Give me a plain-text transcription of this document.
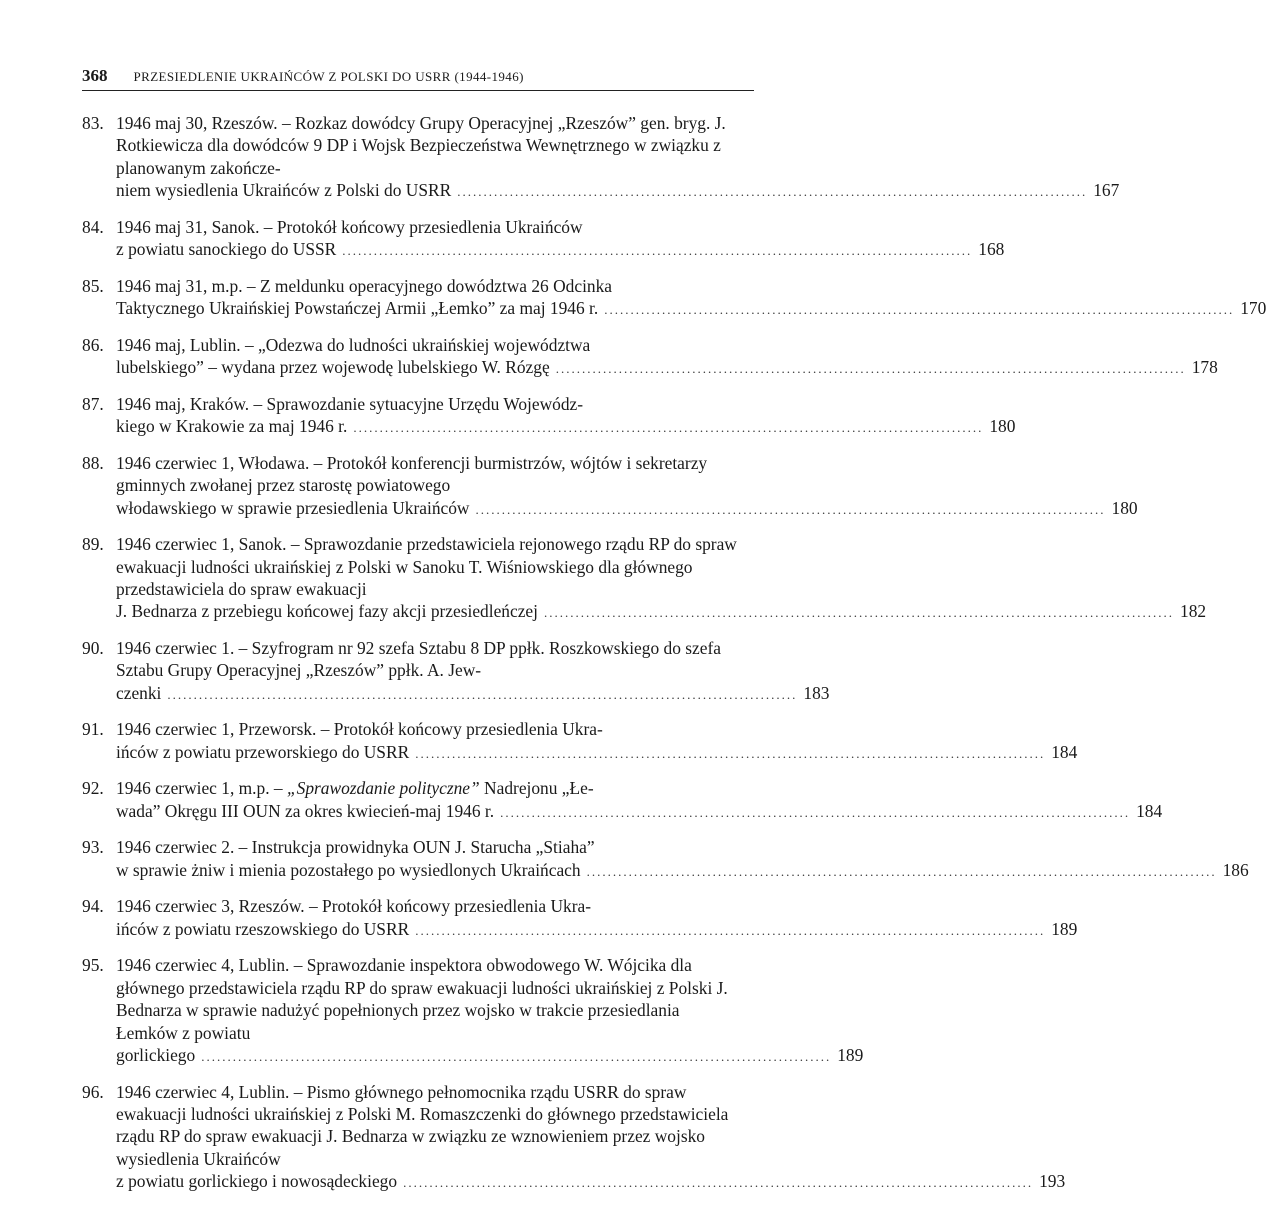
368 PRZESIEDLENIE UKRAIŃCÓW Z POLSKI DO USRR (1944-1946)
83. 1946 maj 30, Rzeszów. – Rozkaz dowódcy Grupy Operacyjnej „Rzeszów” gen. bryg. J. Rotkiewicza dla dowódców 9 DP i Wojsk Bezpieczeństwa Wewnętrznego w związku z planowanym zakończe-
niem wysiedlenia Ukraińców z Polski do USRR ........................................................................................................................ 167
84. 1946 maj 31, Sanok. – Protokół końcowy przesiedlenia Ukraińców
z powiatu sanockiego do USSR ........................................................................................................................ 168
85. 1946 maj 31, m.p. – Z meldunku operacyjnego dowództwa 26 Odcinka
Taktycznego Ukraińskiej Powstańczej Armii „Łemko” za maj 1946 r. ........................................................................................................................ 170
86. 1946 maj, Lublin. – „Odezwa do ludności ukraińskiej województwa
lubelskiego” – wydana przez wojewodę lubelskiego W. Rózgę ........................................................................................................................ 178
87. 1946 maj, Kraków. – Sprawozdanie sytuacyjne Urzędu Wojewódz-
kiego w Krakowie za maj 1946 r. ........................................................................................................................ 180
88. 1946 czerwiec 1, Włodawa. – Protokół konferencji burmistrzów, wójtów i sekretarzy gminnych zwołanej przez starostę powiatowego
włodawskiego w sprawie przesiedlenia Ukraińców ........................................................................................................................ 180
89. 1946 czerwiec 1, Sanok. – Sprawozdanie przedstawiciela rejonowego rządu RP do spraw ewakuacji ludności ukraińskiej z Polski w Sanoku T. Wiśniowskiego dla głównego przedstawiciela do spraw ewakuacji
J. Bednarza z przebiegu końcowej fazy akcji przesiedleńczej ........................................................................................................................ 182
90. 1946 czerwiec 1. – Szyfrogram nr 92 szefa Sztabu 8 DP ppłk. Roszkowskiego do szefa Sztabu Grupy Operacyjnej „Rzeszów” ppłk. A. Jew-
czenki ........................................................................................................................ 183
91. 1946 czerwiec 1, Przeworsk. – Protokół końcowy przesiedlenia Ukra-
ińców z powiatu przeworskiego do USRR ........................................................................................................................ 184
92. 1946 czerwiec 1, m.p. – „Sprawozdanie polityczne” Nadrejonu „Łe-
wada” Okręgu III OUN za okres kwiecień-maj 1946 r. ........................................................................................................................ 184
93. 1946 czerwiec 2. – Instrukcja prowidnyka OUN J. Starucha „Stiaha”
w sprawie żniw i mienia pozostałego po wysiedlonych Ukraińcach ........................................................................................................................ 186
94. 1946 czerwiec 3, Rzeszów. – Protokół końcowy przesiedlenia Ukra-
ińców z powiatu rzeszowskiego do USRR ........................................................................................................................ 189
95. 1946 czerwiec 4, Lublin. – Sprawozdanie inspektora obwodowego W. Wójcika dla głównego przedstawiciela rządu RP do spraw ewakuacji ludności ukraińskiej z Polski J. Bednarza w sprawie nadużyć popełnionych przez wojsko w trakcie przesiedlania Łemków z powiatu
gorlickiego ........................................................................................................................ 189
96. 1946 czerwiec 4, Lublin. – Pismo głównego pełnomocnika rządu USRR do spraw ewakuacji ludności ukraińskiej z Polski M. Romaszczenki do głównego przedstawiciela rządu RP do spraw ewakuacji J. Bednarza w związku ze wznowieniem przez wojsko wysiedlenia Ukraińców
z powiatu gorlickiego i nowosądeckiego ........................................................................................................................ 193
